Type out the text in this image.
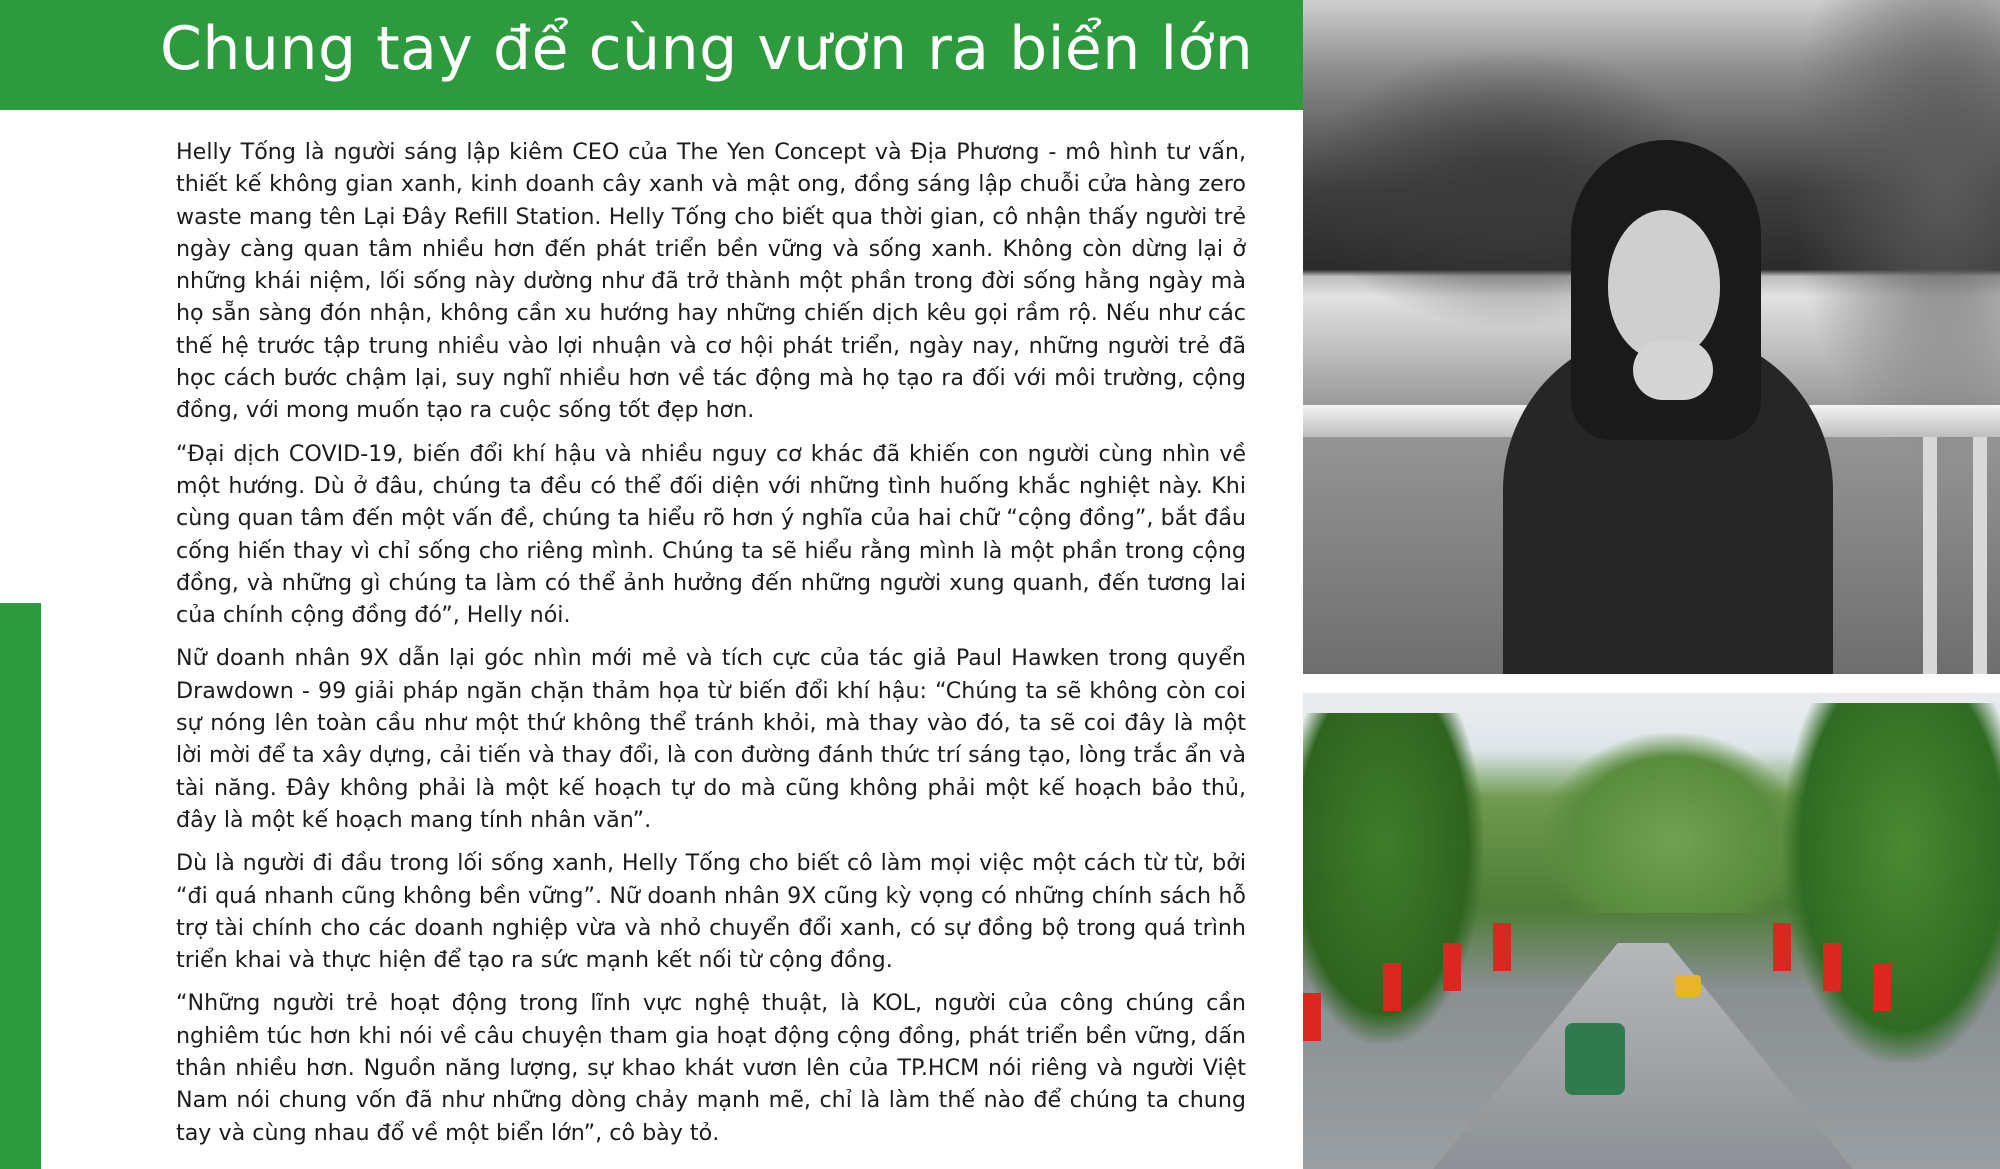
Chung tay để cùng vươn ra biển lớn

Helly Tống là người sáng lập kiêm CEO của The Yen Concept và Địa Phương - mô hình tư vấn, thiết kế không gian xanh, kinh doanh cây xanh và mật ong, đồng sáng lập chuỗi cửa hàng zero waste mang tên Lại Đây Refill Station. Helly Tống cho biết qua thời gian, cô nhận thấy người trẻ ngày càng quan tâm nhiều hơn đến phát triển bền vững và sống xanh. Không còn dừng lại ở những khái niệm, lối sống này dường như đã trở thành một phần trong đời sống hằng ngày mà họ sẵn sàng đón nhận, không cần xu hướng hay những chiến dịch kêu gọi rầm rộ. Nếu như các thế hệ trước tập trung nhiều vào lợi nhuận và cơ hội phát triển, ngày nay, những người trẻ đã học cách bước chậm lại, suy nghĩ nhiều hơn về tác động mà họ tạo ra đối với môi trường, cộng đồng, với mong muốn tạo ra cuộc sống tốt đẹp hơn.

“Đại dịch COVID-19, biến đổi khí hậu và nhiều nguy cơ khác đã khiến con người cùng nhìn về một hướng. Dù ở đâu, chúng ta đều có thể đối diện với những tình huống khắc nghiệt này. Khi cùng quan tâm đến một vấn đề, chúng ta hiểu rõ hơn ý nghĩa của hai chữ “cộng đồng”, bắt đầu cống hiến thay vì chỉ sống cho riêng mình. Chúng ta sẽ hiểu rằng mình là một phần trong cộng đồng, và những gì chúng ta làm có thể ảnh hưởng đến những người xung quanh, đến tương lai của chính cộng đồng đó”, Helly nói.

Nữ doanh nhân 9X dẫn lại góc nhìn mới mẻ và tích cực của tác giả Paul Hawken trong quyển Drawdown - 99 giải pháp ngăn chặn thảm họa từ biến đổi khí hậu: “Chúng ta sẽ không còn coi sự nóng lên toàn cầu như một thứ không thể tránh khỏi, mà thay vào đó, ta sẽ coi đây là một lời mời để ta xây dựng, cải tiến và thay đổi, là con đường đánh thức trí sáng tạo, lòng trắc ẩn và tài năng. Đây không phải là một kế hoạch tự do mà cũng không phải một kế hoạch bảo thủ, đây là một kế hoạch mang tính nhân văn”.

Dù là người đi đầu trong lối sống xanh, Helly Tống cho biết cô làm mọi việc một cách từ từ, bởi “đi quá nhanh cũng không bền vững”. Nữ doanh nhân 9X cũng kỳ vọng có những chính sách hỗ trợ tài chính cho các doanh nghiệp vừa và nhỏ chuyển đổi xanh, có sự đồng bộ trong quá trình triển khai và thực hiện để tạo ra sức mạnh kết nối từ cộng đồng.

“Những người trẻ hoạt động trong lĩnh vực nghệ thuật, là KOL, người của công chúng cần nghiêm túc hơn khi nói về câu chuyện tham gia hoạt động cộng đồng, phát triển bền vững, dấn thân nhiều hơn. Nguồn năng lượng, sự khao khát vươn lên của TP.HCM nói riêng và người Việt Nam nói chung vốn đã như những dòng chảy mạnh mẽ, chỉ là làm thế nào để chúng ta chung tay và cùng nhau đổ về một biển lớn”, cô bày tỏ.
